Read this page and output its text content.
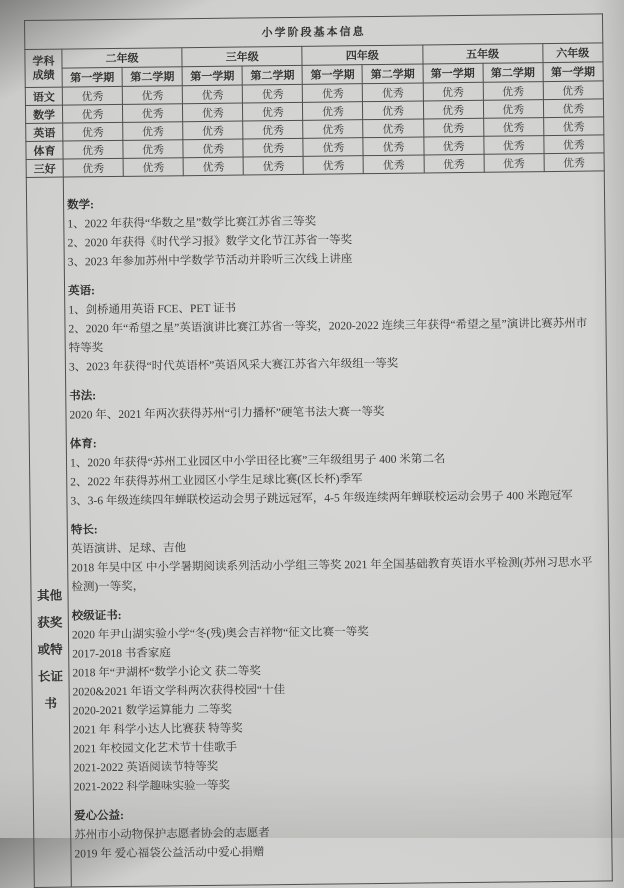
小学阶段基本信息									

学科
成绩	二年级		三年级		四年级		五年级		六年级
	第一学期	第二学期	第一学期	第二学期	第一学期	第二学期	第一学期	第二学期	第一学期
语文	优秀	优秀	优秀	优秀	优秀	优秀	优秀	优秀	优秀
数学	优秀	优秀	优秀	优秀	优秀	优秀	优秀	优秀	优秀
英语	优秀	优秀	优秀	优秀	优秀	优秀	优秀	优秀	优秀
体育	优秀	优秀	优秀	优秀	优秀	优秀	优秀	优秀	优秀
三好	优秀	优秀	优秀	优秀	优秀	优秀	优秀	优秀	优秀

其他
获奖
或特
长证
书

数学:
1、2022 年获得“华数之星”数学比赛江苏省三等奖
2、2020 年获得《时代学习报》数学文化节江苏省一等奖
3、2023 年参加苏州中学数学节活动并聆听三次线上讲座
英语:
1、剑桥通用英语 FCE、PET 证书
2、2020 年“希望之星”英语演讲比赛江苏省一等奖，2020-2022 连续三年获得“希望之星”演讲比赛苏州市特等奖
3、2023 年获得“时代英语杯”英语风采大赛江苏省六年级组一等奖
书法:
2020 年、2021 年两次获得苏州“引力播杯”硬笔书法大赛一等奖
体育:
1、2020 年获得“苏州工业园区中小学田径比赛”三年级组男子 400 米第二名
2、2022 年获得苏州工业园区小学生足球比赛(区长杯)季军
3、3-6 年级连续四年蝉联校运动会男子跳远冠军，4-5 年级连续两年蝉联校运动会男子 400 米跑冠军
特长:
英语演讲、足球、吉他
2018 年吴中区 中小学暑期阅读系列活动小学组三等奖 2021 年全国基础教育英语水平检测(苏州习思水平检测)一等奖，
校级证书:
2020 年尹山湖实验小学“冬(残)奥会吉祥物“征文比赛一等奖
2017-2018 书香家庭
2018 年“尹湖杯“数学小论文 获二等奖
2020&2021 年语文学科两次获得校园“十佳
2020-2021 数学运算能力 二等奖
2021 年 科学小达人比赛获 特等奖
2021 年校园文化艺术节十佳歌手
2021-2022 英语阅读节特等奖
2021-2022 科学趣味实验一等奖
爱心公益:
苏州市小动物保护志愿者协会的志愿者
2019 年 爱心福袋公益活动中爱心捐赠
